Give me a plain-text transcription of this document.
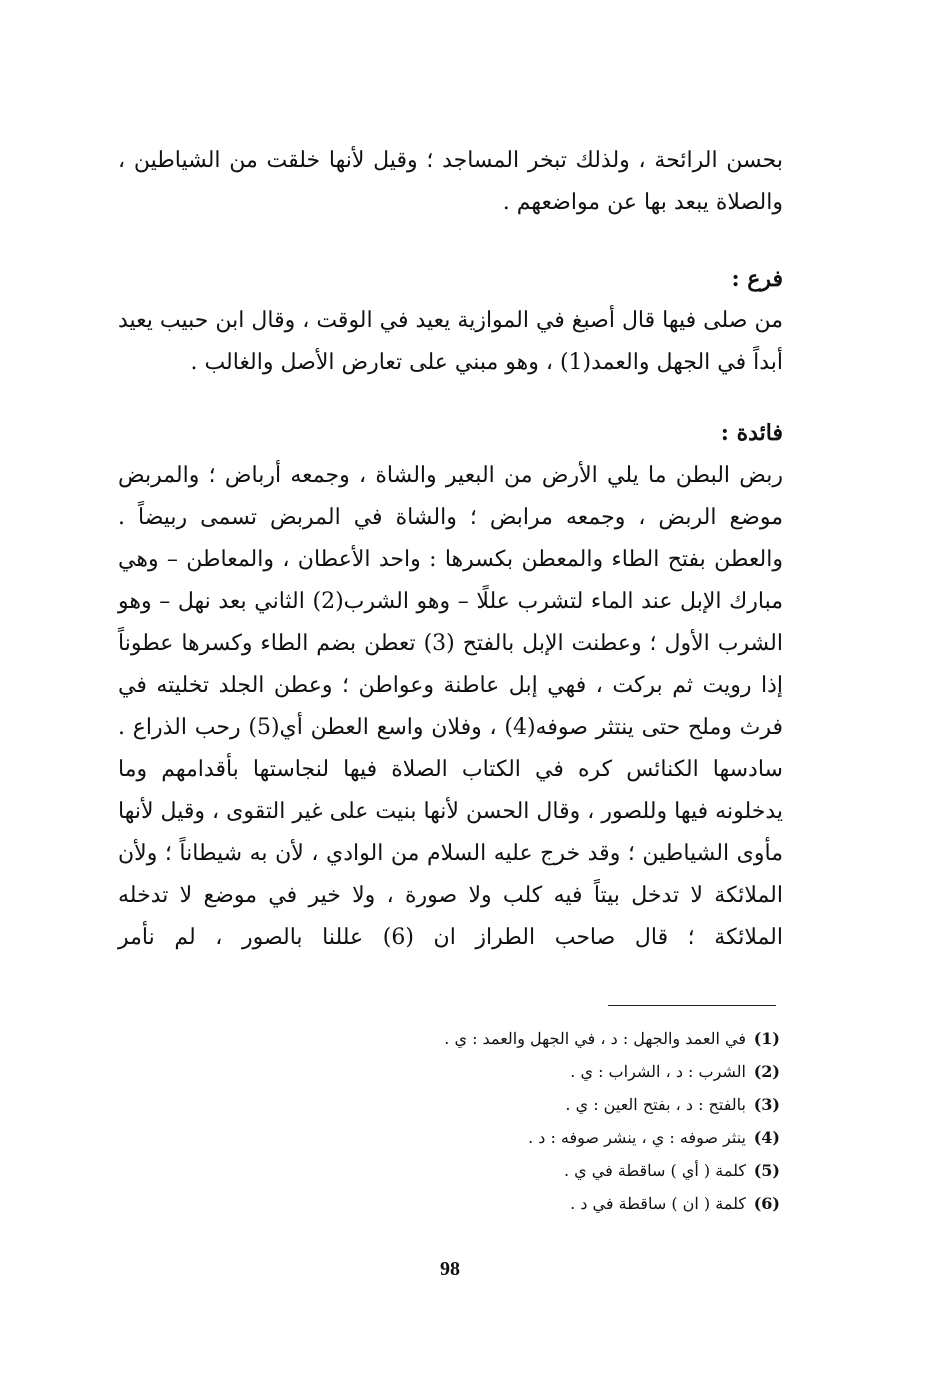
بحسن الرائحة ، ولذلك تبخر المساجد ؛ وقيل لأنها خلقت من الشياطين ، والصلاة يبعد بها عن مواضعهم .
فرع :
من صلى فيها قال أصبغ في الموازية يعيد في الوقت ، وقال ابن حبيب يعيد أبداً في الجهل والعمد(1) ، وهو مبني على تعارض الأصل والغالب .
فائدة :
ربض البطن ما يلي الأرض من البعير والشاة ، وجمعه أرباض ؛ والمربض موضع الربض ، وجمعه مرابض ؛ والشاة في المربض تسمى ربيضاً . والعطن بفتح الطاء والمعطن بكسرها : واحد الأعطان ، والمعاطن – وهي مبارك الإبل عند الماء لتشرب عللًا – وهو الشرب(2) الثاني بعد نهل – وهو الشرب الأول ؛ وعطنت الإبل بالفتح (3) تعطن بضم الطاء وكسرها عطوناً إذا رويت ثم بركت ، فهي إبل عاطنة وعواطن ؛ وعطن الجلد تخليته في فرث وملح حتى ينتثر صوفه(4) ، وفلان واسع العطن أي(5) رحب الذراع . سادسها الكنائس كره في الكتاب الصلاة فيها لنجاستها بأقدامهم وما يدخلونه فيها وللصور ، وقال الحسن لأنها بنيت على غير التقوى ، وقيل لأنها مأوى الشياطين ؛ وقد خرج عليه السلام من الوادي ، لأن به شيطاناً ؛ ولأن الملائكة لا تدخل بيتاً فيه كلب ولا صورة ، ولا خير في موضع لا تدخله الملائكة ؛ قال صاحب الطراز ان (6) عللنا بالصور ، لم نأمر
(1)في العمد والجهل : د ، في الجهل والعمد : ي .
(2)الشرب : د ، الشراب : ي .
(3)بالفتح : د ، بفتح العين : ي .
(4)ينثر صوفه : ي ، ينشر صوفه : د .
(5)كلمة ( أي ) ساقطة في ي .
(6)كلمة ( ان ) ساقطة في د .
98
